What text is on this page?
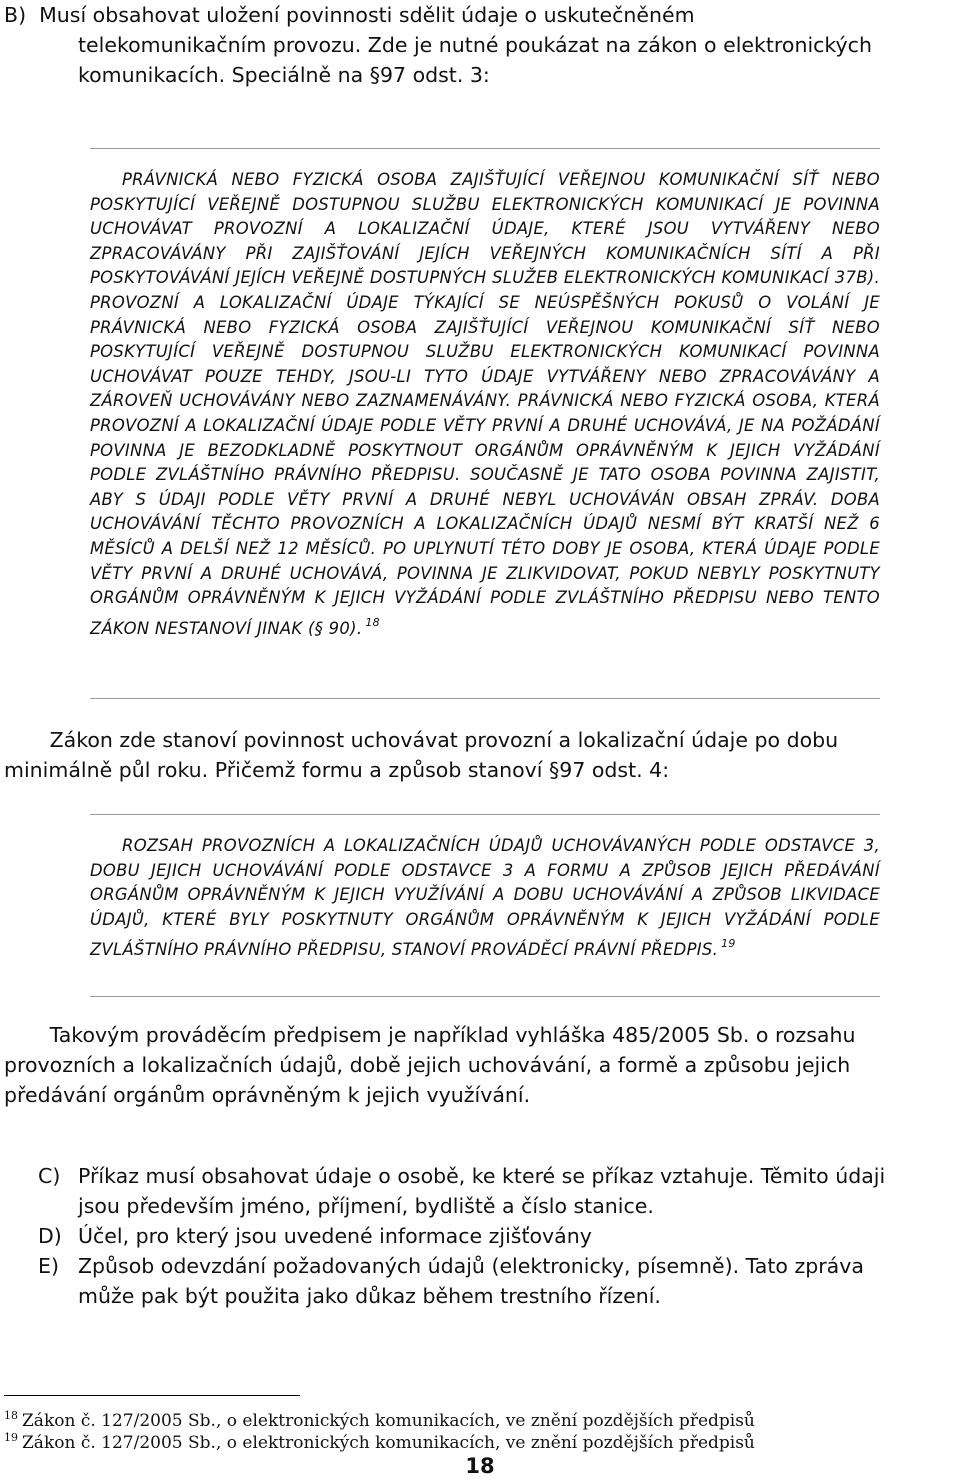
B)  Musí obsahovat uložení povinnosti sdělit údaje o uskutečněném

telekomunikačním provozu. Zde je nutné poukázat na zákon o elektronických

komunikacích. Speciálně na §97 odst. 3:

PRÁVNICKÁ NEBO FYZICKÁ OSOBA ZAJIŠŤUJÍCÍ VEŘEJNOU KOMUNIKAČNÍ SÍŤ NEBO POSKYTUJÍCÍ VEŘEJNĚ DOSTUPNOU SLUŽBU ELEKTRONICKÝCH KOMUNIKACÍ JE POVINNA UCHOVÁVAT PROVOZNÍ A LOKALIZAČNÍ ÚDAJE, KTERÉ JSOU VYTVÁŘENY NEBO ZPRACOVÁVÁNY PŘI ZAJIŠŤOVÁNÍ JEJÍCH VEŘEJNÝCH KOMUNIKAČNÍCH SÍTÍ A PŘI POSKYTOVÁVÁNÍ JEJÍCH VEŘEJNĚ DOSTUPNÝCH SLUŽEB ELEKTRONICKÝCH KOMUNIKACÍ 37B). PROVOZNÍ A LOKALIZAČNÍ ÚDAJE TÝKAJÍCÍ SE NEÚSPĚŠNÝCH POKUSŮ O VOLÁNÍ JE PRÁVNICKÁ NEBO FYZICKÁ OSOBA ZAJIŠŤUJÍCÍ VEŘEJNOU KOMUNIKAČNÍ SÍŤ NEBO POSKYTUJÍCÍ VEŘEJNĚ DOSTUPNOU SLUŽBU ELEKTRONICKÝCH KOMUNIKACÍ POVINNA UCHOVÁVAT POUZE TEHDY, JSOU-LI TYTO ÚDAJE VYTVÁŘENY NEBO ZPRACOVÁVÁNY A ZÁROVEŇ UCHOVÁVÁNY NEBO ZAZNAMENÁVÁNY. PRÁVNICKÁ NEBO FYZICKÁ OSOBA, KTERÁ PROVOZNÍ A LOKALIZAČNÍ ÚDAJE PODLE VĚTY PRVNÍ A DRUHÉ UCHOVÁVÁ, JE NA POŽÁDÁNÍ POVINNA JE BEZODKLADNĚ POSKYTNOUT ORGÁNŮM OPRÁVNĚNÝM K JEJICH VYŽÁDÁNÍ PODLE ZVLÁŠTNÍHO PRÁVNÍHO PŘEDPISU. SOUČASNĚ JE TATO OSOBA POVINNA ZAJISTIT, ABY S ÚDAJI PODLE VĚTY PRVNÍ A DRUHÉ NEBYL UCHOVÁVÁN OBSAH ZPRÁV. DOBA UCHOVÁVÁNÍ TĚCHTO PROVOZNÍCH A LOKALIZAČNÍCH ÚDAJŮ NESMÍ BÝT KRATŠÍ NEŽ 6 MĚSÍCŮ A DELŠÍ NEŽ 12 MĚSÍCŮ. PO UPLYNUTÍ TÉTO DOBY JE OSOBA, KTERÁ ÚDAJE PODLE VĚTY PRVNÍ A DRUHÉ UCHOVÁVÁ, POVINNA JE ZLIKVIDOVAT, POKUD NEBYLY POSKYTNUTY ORGÁNŮM OPRÁVNĚNÝM K JEJICH VYŽÁDÁNÍ PODLE ZVLÁŠTNÍHO PŘEDPISU NEBO TENTO ZÁKON NESTANOVÍ JINAK (§ 90). $^{18}$

Zákon zde stanoví povinnost uchovávat provozní a lokalizační údaje po dobu

minimálně půl roku. Přičemž formu a způsob stanoví §97 odst. 4:

ROZSAH PROVOZNÍCH A LOKALIZAČNÍCH ÚDAJŮ UCHOVÁVANÝCH PODLE ODSTAVCE 3, DOBU JEJICH UCHOVÁVÁNÍ PODLE ODSTAVCE 3 A FORMU A ZPŮSOB JEJICH PŘEDÁVÁNÍ ORGÁNŮM OPRÁVNĚNÝM K JEJICH VYUŽÍVÁNÍ A DOBU UCHOVÁVÁNÍ A ZPŮSOB LIKVIDACE ÚDAJŮ, KTERÉ BYLY POSKYTNUTY ORGÁNŮM OPRÁVNĚNÝM K JEJICH VYŽÁDÁNÍ PODLE ZVLÁŠTNÍHO PRÁVNÍHO PŘEDPISU, STANOVÍ PROVÁDĚCÍ PRÁVNÍ PŘEDPIS. $^{19}$

Takovým prováděcím předpisem je například vyhláška 485/2005 Sb. o rozsahu

provozních a lokalizačních údajů, době jejich uchovávání, a formě a způsobu jejich

předávání orgánům oprávněným k jejich využívání.

C) Příkaz musí obsahovat údaje o osobě, ke které se příkaz vztahuje. Těmito údaji
jsou především jméno, příjmení, bydliště a číslo stanice.
D) Účel, pro který jsou uvedené informace zjišťovány
E) Způsob odevzdání požadovaných údajů (elektronicky, písemně). Tato zpráva
může pak být použita jako důkaz během trestního řízení.
$^{18}$ Zákon č. 127/2005 Sb., o elektronických komunikacích, ve znění pozdějších předpisů
$^{19}$ Zákon č. 127/2005 Sb., o elektronických komunikacích, ve znění pozdějších předpisů
18
